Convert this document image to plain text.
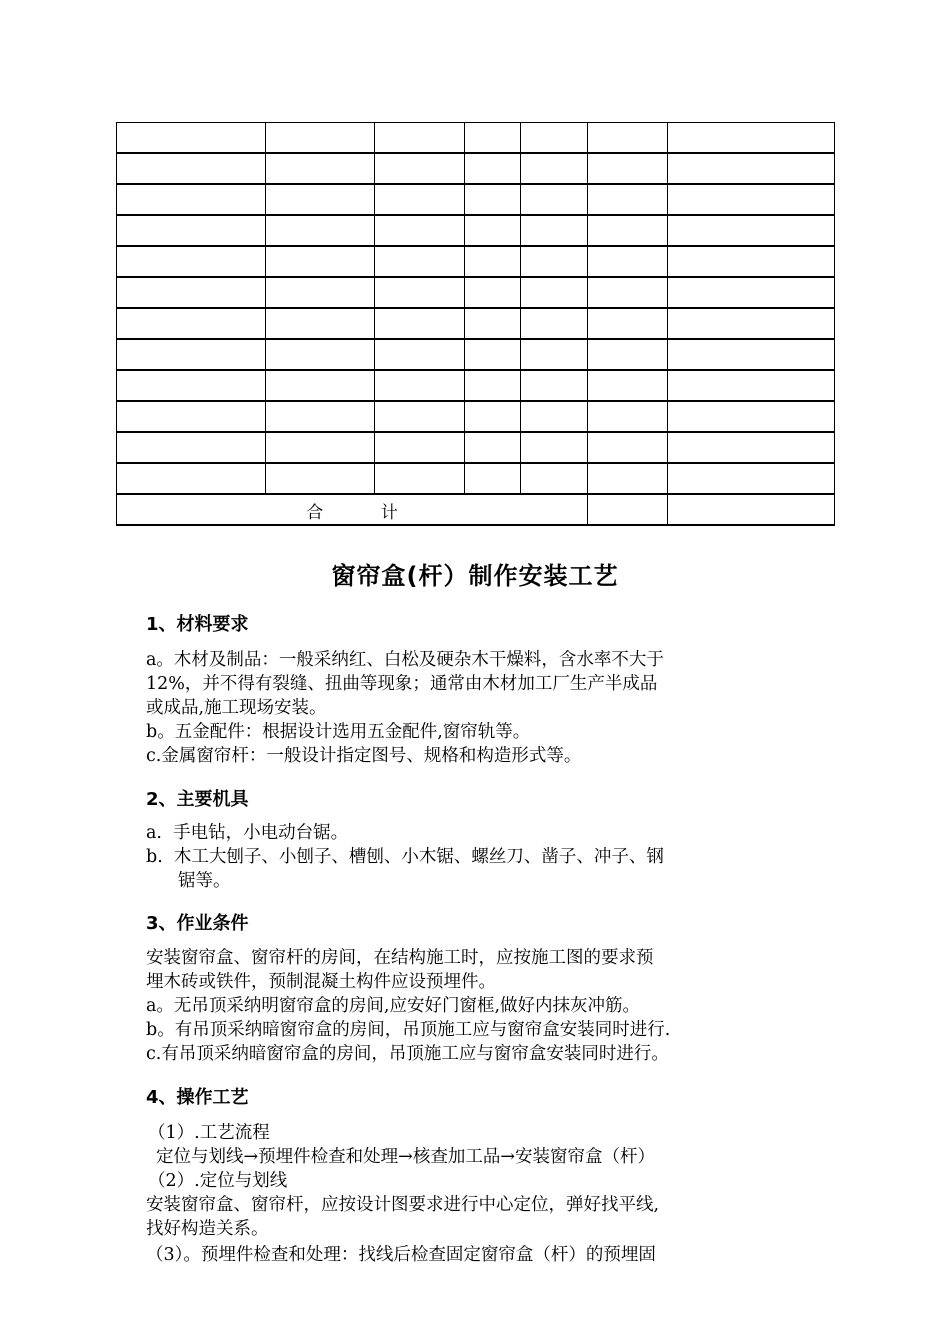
合 计						
窗帘盒(杆）制作安装工艺
1、材料要求
a。木材及制品：一般采纳红、白松及硬杂木干燥料，含水率不大于
12%，并不得有裂缝、扭曲等现象；通常由木材加工厂生产半成品
或成品,施工现场安装。
b。五金配件：根据设计选用五金配件,窗帘轨等。
c.金属窗帘杆：一般设计指定图号、规格和构造形式等。
2、主要机具
a.  手电钻，小电动台锯。
b.  木工大刨子、小刨子、槽刨、小木锯、螺丝刀、凿子、冲子、钢
锯等。
3、作业条件
安装窗帘盒、窗帘杆的房间，在结构施工时，应按施工图的要求预
埋木砖或铁件，预制混凝土构件应设预埋件。
a。无吊顶采纳明窗帘盒的房间,应安好门窗框,做好内抹灰冲筋。
b。有吊顶采纳暗窗帘盒的房间，吊顶施工应与窗帘盒安装同时进行.
c.有吊顶采纳暗窗帘盒的房间，吊顶施工应与窗帘盒安装同时进行。
4、操作工艺
（1）.工艺流程
定位与划线→预埋件检查和处理→核查加工品→安装窗帘盒（杆）
（2）.定位与划线
安装窗帘盒、窗帘杆，应按设计图要求进行中心定位，弹好找平线,
找好构造关系。
（3）。预埋件检查和处理：找线后检查固定窗帘盒（杆）的预埋固
